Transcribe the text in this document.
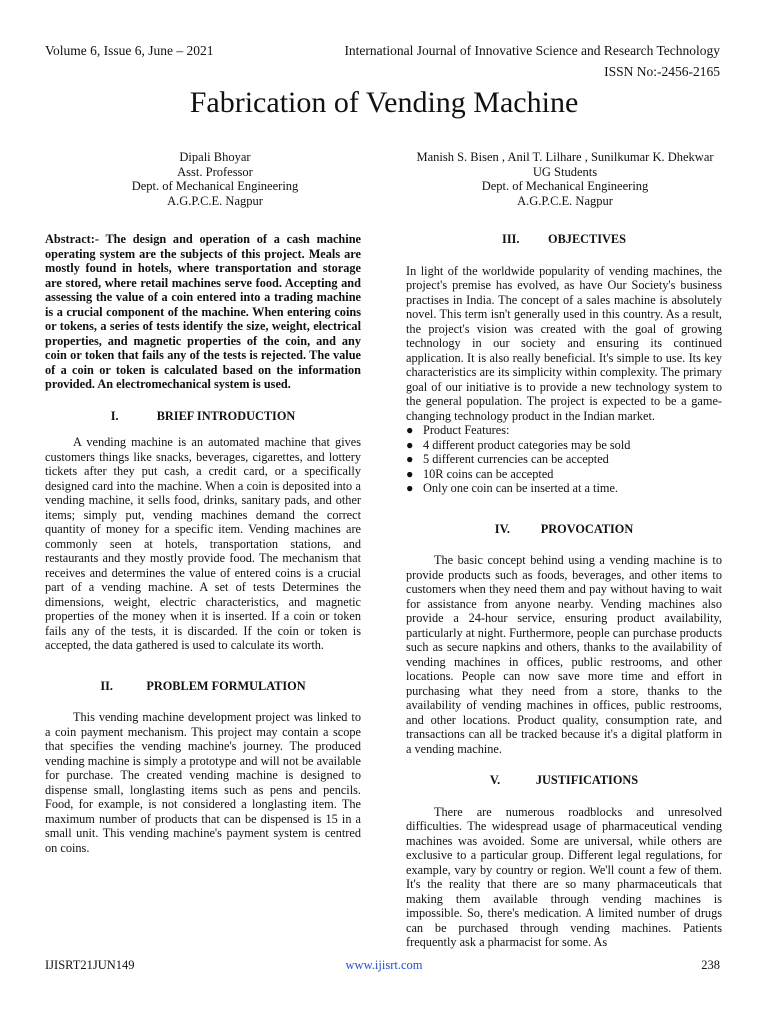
Volume 6, Issue 6, June – 2021	International Journal of Innovative Science and Research Technology
ISSN No:-2456-2165
Fabrication of Vending Machine
Dipali Bhoyar
Asst. Professor
Dept. of Mechanical Engineering
A.G.P.C.E. Nagpur
Manish S. Bisen , Anil T. Lilhare , Sunilkumar K. Dhekwar
UG Students
Dept. of Mechanical Engineering
A.G.P.C.E. Nagpur

Abstract:- The design and operation of a cash machine operating system are the subjects of this project. Meals are mostly found in hotels, where transportation and storage are stored, where retail machines serve food. Accepting and assessing the value of a coin entered into a trading machine is a crucial component of the machine. When entering coins or tokens, a series of tests identify the size, weight, electrical properties, and magnetic properties of the coin, and any coin or token that fails any of the tests is rejected. The value of a coin or token is calculated based on the information provided. An electromechanical system is used.

I.	BRIEF INTRODUCTION

A vending machine is an automated machine that gives customers things like snacks, beverages, cigarettes, and lottery tickets after they put cash, a credit card, or a specifically designed card into the machine. When a coin is deposited into a vending machine, it sells food, drinks, sanitary pads, and other items; simply put, vending machines demand the correct quantity of money for a specific item. Vending machines are commonly seen at hotels, transportation stations, and restaurants and they mostly provide food. The mechanism that receives and determines the value of entered coins is a crucial part of a vending machine. A set of tests Determines the dimensions, weight, electric characteristics, and magnetic properties of the money when it is inserted. If a coin or token fails any of the tests, it is discarded. If the coin or token is accepted, the data gathered is used to calculate its worth.

II.	PROBLEM FORMULATION

This vending machine development project was linked to a coin payment mechanism. This project may contain a scope that specifies the vending machine's journey. The produced vending machine is simply a prototype and will not be available for purchase. The created vending machine is designed to dispense small, longlasting items such as pens and pencils. Food, for example, is not considered a longlasting item. The maximum number of products that can be dispensed is 15 in a small unit. This vending machine's payment system is centred on coins.

III.	OBJECTIVES

In light of the worldwide popularity of vending machines, the project's premise has evolved, as have Our Society's business practises in India. The concept of a sales machine is absolutely novel. This term isn't generally used in this country. As a result, the project's vision was created with the goal of growing technology in our society and ensuring its continued application. It is also really beneficial. It's simple to use. Its key characteristics are its simplicity within complexity. The primary goal of our initiative is to provide a new technology system to the general population. The project is expected to be a game-changing technology product in the Indian market.

● Product Features:
● 4 different product categories may be sold
● 5 different currencies can be accepted
● 10R coins can be accepted
● Only one coin can be inserted at a time.
IV.	PROVOCATION

The basic concept behind using a vending machine is to provide products such as foods, beverages, and other items to customers when they need them and pay without having to wait for assistance from anyone nearby. Vending machines also provide a 24-hour service, ensuring product availability, particularly at night. Furthermore, people can purchase products such as secure napkins and others, thanks to the availability of vending machines in offices, public restrooms, and other locations. People can now save more time and effort in purchasing what they need from a store, thanks to the availability of vending machines in offices, public restrooms, and other locations. Product quality, consumption rate, and transactions can all be tracked because it's a digital platform in a vending machine.

V.	JUSTIFICATIONS

There are numerous roadblocks and unresolved difficulties. The widespread usage of pharmaceutical vending machines was avoided. Some are universal, while others are exclusive to a particular group. Different legal regulations, for example, vary by country or region. We'll count a few of them. It's the reality that there are so many pharmaceuticals that making them available through vending machines is impossible. So, there's medication. A limited number of drugs can be purchased through vending machines. Patients frequently ask a pharmacist for some. As

IJISRT21JUN149	www.ijisrt.com	238
